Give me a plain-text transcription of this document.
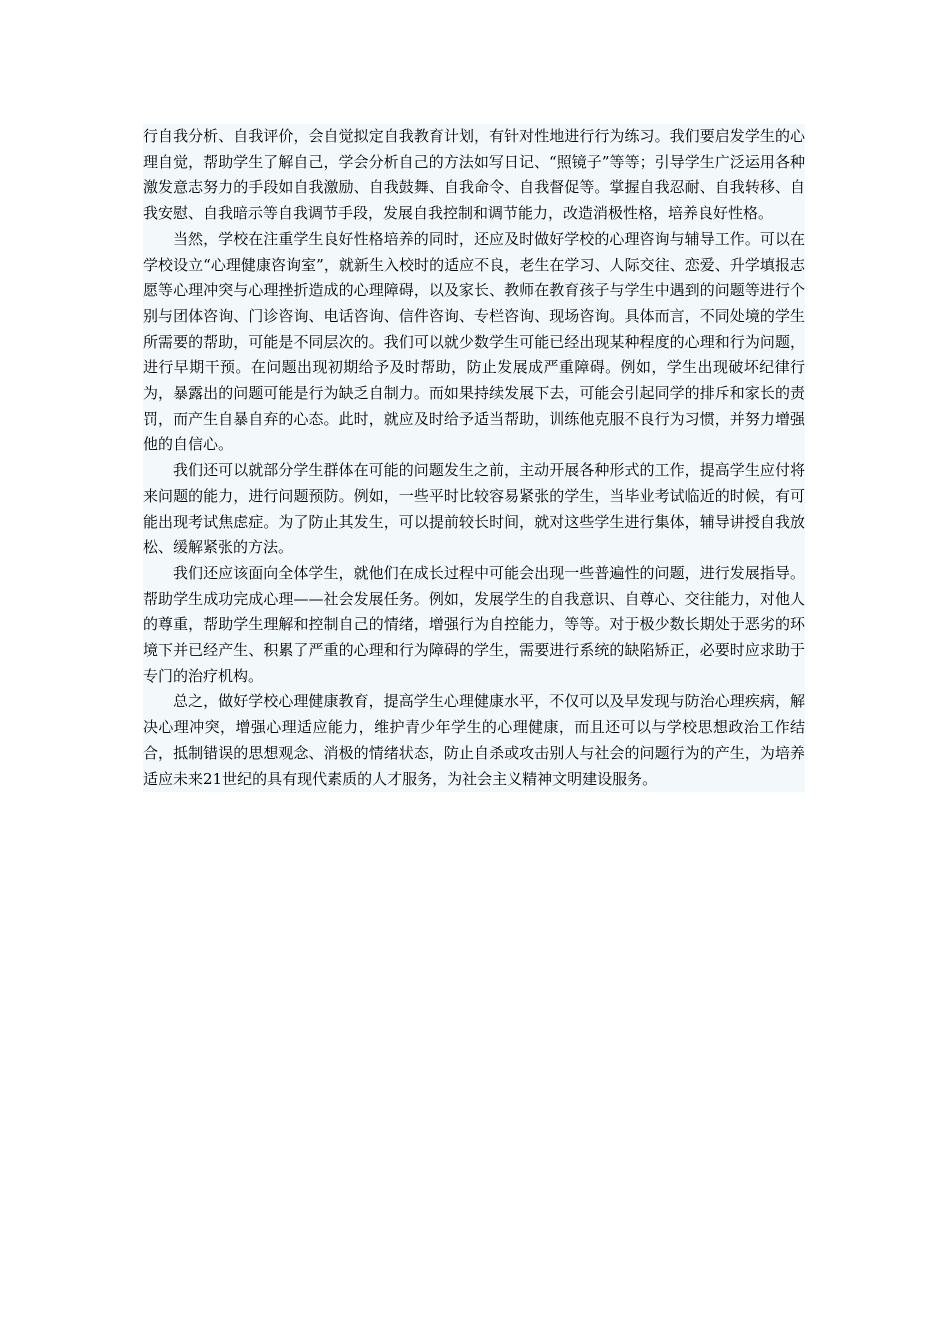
行自我分析、自我评价，会自觉拟定自我教育计划，有针对性地进行行为练习。我们要启发学生的心理自觉，帮助学生了解自己，学会分析自己的方法如写日记、“照镜子”等等；引导学生广泛运用各种激发意志努力的手段如自我激励、自我鼓舞、自我命令、自我督促等。掌握自我忍耐、自我转移、自我安慰、自我暗示等自我调节手段，发展自我控制和调节能力，改造消极性格，培养良好性格。

当然，学校在注重学生良好性格培养的同时，还应及时做好学校的心理咨询与辅导工作。可以在学校设立“心理健康咨询室”，就新生入校时的适应不良，老生在学习、人际交往、恋爱、升学填报志愿等心理冲突与心理挫折造成的心理障碍，以及家长、教师在教育孩子与学生中遇到的问题等进行个别与团体咨询、门诊咨询、电话咨询、信件咨询、专栏咨询、现场咨询。具体而言，不同处境的学生所需要的帮助，可能是不同层次的。我们可以就少数学生可能已经出现某种程度的心理和行为问题，进行早期干预。在问题出现初期给予及时帮助，防止发展成严重障碍。例如，学生出现破坏纪律行为，暴露出的问题可能是行为缺乏自制力。而如果持续发展下去，可能会引起同学的排斥和家长的责罚，而产生自暴自弃的心态。此时，就应及时给予适当帮助，训练他克服不良行为习惯，并努力增强他的自信心。

我们还可以就部分学生群体在可能的问题发生之前，主动开展各种形式的工作，提高学生应付将来问题的能力，进行问题预防。例如，一些平时比较容易紧张的学生，当毕业考试临近的时候，有可能出现考试焦虑症。为了防止其发生，可以提前较长时间，就对这些学生进行集体，辅导讲授自我放松、缓解紧张的方法。

我们还应该面向全体学生，就他们在成长过程中可能会出现一些普遍性的问题，进行发展指导。帮助学生成功完成心理——社会发展任务。例如，发展学生的自我意识、自尊心、交往能力，对他人的尊重，帮助学生理解和控制自己的情绪，增强行为自控能力，等等。对于极少数长期处于恶劣的环境下并已经产生、积累了严重的心理和行为障碍的学生，需要进行系统的缺陷矫正，必要时应求助于专门的治疗机构。

总之，做好学校心理健康教育，提高学生心理健康水平，不仅可以及早发现与防治心理疾病，解决心理冲突，增强心理适应能力，维护青少年学生的心理健康，而且还可以与学校思想政治工作结合，抵制错误的思想观念、消极的情绪状态，防止自杀或攻击别人与社会的问题行为的产生，为培养适应未来21世纪的具有现代素质的人才服务，为社会主义精神文明建设服务。
